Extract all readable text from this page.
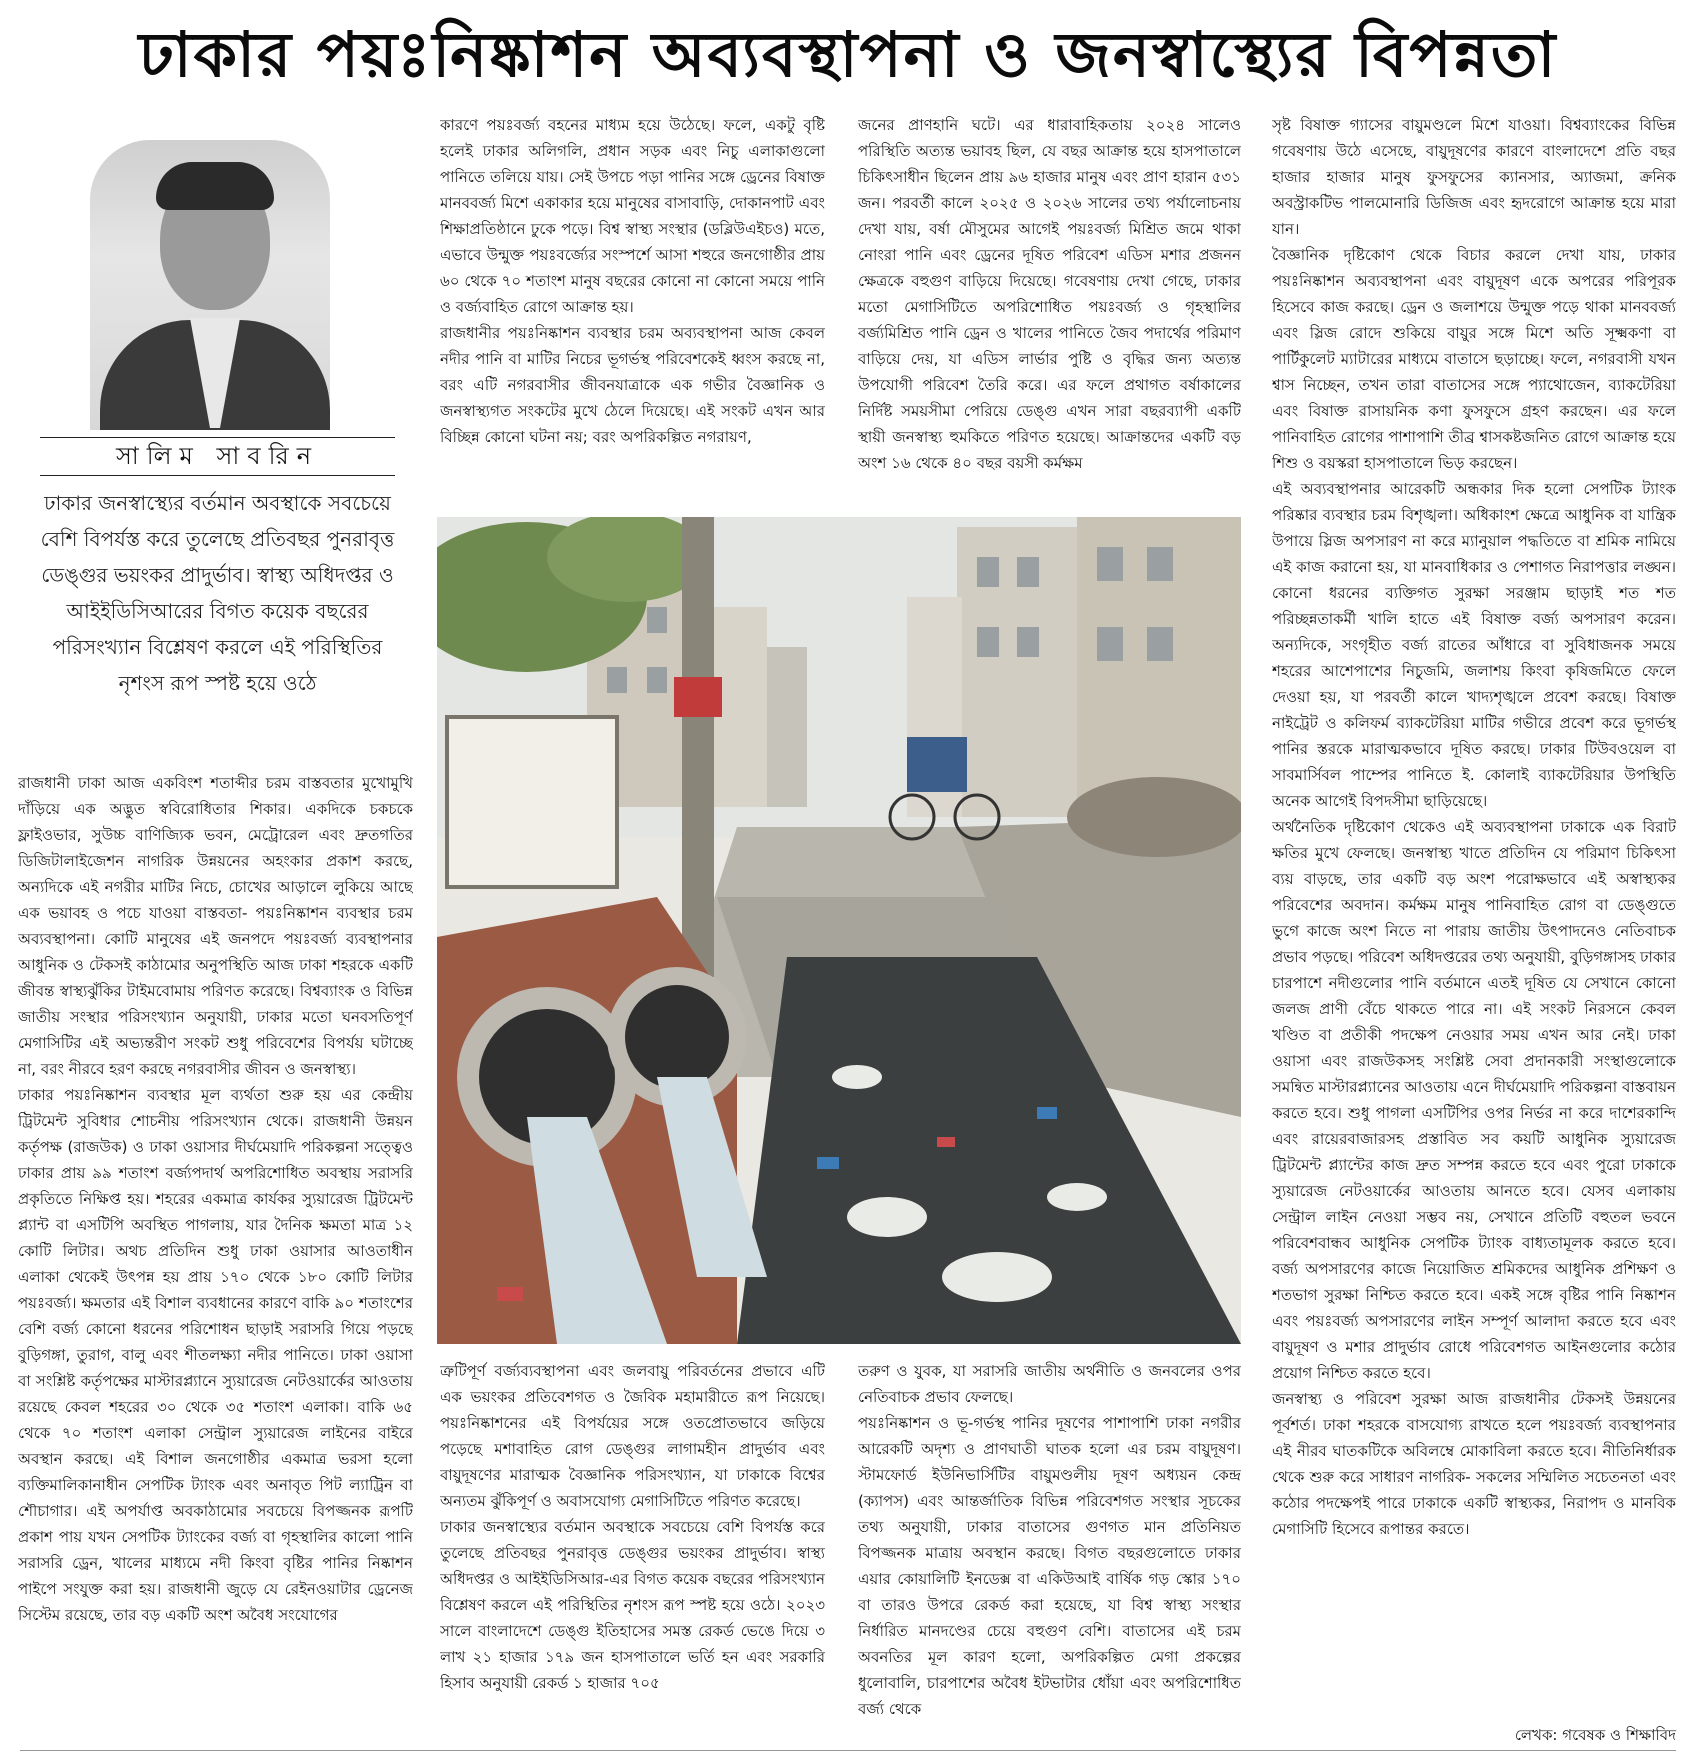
ঢাকার পয়ঃনিষ্কাশন অব্যবস্থাপনা ও জনস্বাস্থ্যের বিপন্নতা
সালিম সাবরিন
ঢাকার জনস্বাস্থ্যের বর্তমান অবস্থাকে সবচেয়ে বেশি বিপর্যস্ত করে তুলেছে প্রতিবছর পুনরাবৃত্ত ডেঙ্গুর ভয়ংকর প্রাদুর্ভাব। স্বাস্থ্য অধিদপ্তর ও আইইডিসিআরের বিগত কয়েক বছরের পরিসংখ্যান বিশ্লেষণ করলে এই পরিস্থিতির নৃশংস রূপ স্পষ্ট হয়ে ওঠে

রাজধানী ঢাকা আজ একবিংশ শতাব্দীর চরম বাস্তবতার মুখোমুখি দাঁড়িয়ে এক অদ্ভুত স্ববিরোধিতার শিকার। একদিকে চকচকে ফ্লাইওভার, সুউচ্চ বাণিজ্যিক ভবন, মেট্রোরেল এবং দ্রুতগতির ডিজিটালাইজেশন নাগরিক উন্নয়নের অহংকার প্রকাশ করছে, অন্যদিকে এই নগরীর মাটির নিচে, চোখের আড়ালে লুকিয়ে আছে এক ভয়াবহ ও পচে যাওয়া বাস্তবতা- পয়ঃনিষ্কাশন ব্যবস্থার চরম অব্যবস্থাপনা। কোটি মানুষের এই জনপদে পয়ঃবর্জ্য ব্যবস্থাপনার আধুনিক ও টেকসই কাঠামোর অনুপস্থিতি আজ ঢাকা শহরকে একটি জীবন্ত স্বাস্থ্যঝুঁকির টাইমবোমায় পরিণত করেছে। বিশ্বব্যাংক ও বিভিন্ন জাতীয় সংস্থার পরিসংখ্যান অনুযায়ী, ঢাকার মতো ঘনবসতিপূর্ণ মেগাসিটির এই অভ্যন্তরীণ সংকট শুধু পরিবেশের বিপর্যয় ঘটাচ্ছে না, বরং নীরবে হরণ করছে নগরবাসীর জীবন ও জনস্বাস্থ্য।

ঢাকার পয়ঃনিষ্কাশন ব্যবস্থার মূল ব্যর্থতা শুরু হয় এর কেন্দ্রীয় ট্রিটমেন্ট সুবিধার শোচনীয় পরিসংখ্যান থেকে। রাজধানী উন্নয়ন কর্তৃপক্ষ (রাজউক) ও ঢাকা ওয়াসার দীর্ঘমেয়াদি পরিকল্পনা সত্ত্বেও ঢাকার প্রায় ৯৯ শতাংশ বর্জ্যপদার্থ অপরিশোধিত অবস্থায় সরাসরি প্রকৃতিতে নিক্ষিপ্ত হয়। শহরের একমাত্র কার্যকর স্যুয়ারেজ ট্রিটমেন্ট প্ল্যান্ট বা এসটিপি অবস্থিত পাগলায়, যার দৈনিক ক্ষমতা মাত্র ১২ কোটি লিটার। অথচ প্রতিদিন শুধু ঢাকা ওয়াসার আওতাধীন এলাকা থেকেই উৎপন্ন হয় প্রায় ১৭০ থেকে ১৮০ কোটি লিটার পয়ঃবর্জ্য। ক্ষমতার এই বিশাল ব্যবধানের কারণে বাকি ৯০ শতাংশের বেশি বর্জ্য কোনো ধরনের পরিশোধন ছাড়াই সরাসরি গিয়ে পড়ছে বুড়িগঙ্গা, তুরাগ, বালু এবং শীতলক্ষ্যা নদীর পানিতে। ঢাকা ওয়াসা বা সংশ্লিষ্ট কর্তৃপক্ষের মাস্টারপ্ল্যানে স্যুয়ারেজ নেটওয়ার্কের আওতায় রয়েছে কেবল শহরের ৩০ থেকে ৩৫ শতাংশ এলাকা। বাকি ৬৫ থেকে ৭০ শতাংশ এলাকা সেন্ট্রাল স্যুয়ারেজ লাইনের বাইরে অবস্থান করছে। এই বিশাল জনগোষ্ঠীর একমাত্র ভরসা হলো ব্যক্তিমালিকানাধীন সেপটিক ট্যাংক এবং অনাবৃত পিট ল্যাট্রিন বা শৌচাগার। এই অপর্যাপ্ত অবকাঠামোর সবচেয়ে বিপজ্জনক রূপটি প্রকাশ পায় যখন সেপটিক ট্যাংকের বর্জ্য বা গৃহস্থালির কালো পানি সরাসরি ড্রেন, খালের মাধ্যমে নদী কিংবা বৃষ্টির পানির নিষ্কাশন পাইপে সংযুক্ত করা হয়। রাজধানী জুড়ে যে রেইনওয়াটার ড্রেনেজ সিস্টেম রয়েছে, তার বড় একটি অংশ অবৈধ সংযোগের

কারণে পয়ঃবর্জ্য বহনের মাধ্যম হয়ে উঠেছে। ফলে, একটু বৃষ্টি হলেই ঢাকার অলিগলি, প্রধান সড়ক এবং নিচু এলাকাগুলো পানিতে তলিয়ে যায়। সেই উপচে পড়া পানির সঙ্গে ড্রেনের বিষাক্ত মানববর্জ্য মিশে একাকার হয়ে মানুষের বাসাবাড়ি, দোকানপাট এবং শিক্ষাপ্রতিষ্ঠানে ঢুকে পড়ে। বিশ্ব স্বাস্থ্য সংস্থার (ডব্লিউএইচও) মতে, এভাবে উন্মুক্ত পয়ঃবর্জ্যের সংস্পর্শে আসা শহুরে জনগোষ্ঠীর প্রায় ৬০ থেকে ৭০ শতাংশ মানুষ বছরের কোনো না কোনো সময়ে পানি ও বর্জ্যবাহিত রোগে আক্রান্ত হয়।

রাজধানীর পয়ঃনিষ্কাশন ব্যবস্থার চরম অব্যবস্থাপনা আজ কেবল নদীর পানি বা মাটির নিচের ভূগর্ভস্থ পরিবেশকেই ধ্বংস করছে না, বরং এটি নগরবাসীর জীবনযাত্রাকে এক গভীর বৈজ্ঞানিক ও জনস্বাস্থ্যগত সংকটের মুখে ঠেলে দিয়েছে। এই সংকট এখন আর বিচ্ছিন্ন কোনো ঘটনা নয়; বরং অপরিকল্পিত নগরায়ণ,

জনের প্রাণহানি ঘটে। এর ধারাবাহিকতায় ২০২৪ সালেও পরিস্থিতি অত্যন্ত ভয়াবহ ছিল, যে বছর আক্রান্ত হয়ে হাসপাতালে চিকিৎসাধীন ছিলেন প্রায় ৯৬ হাজার মানুষ এবং প্রাণ হারান ৫৩১ জন। পরবর্তী কালে ২০২৫ ও ২০২৬ সালের তথ্য পর্যালোচনায় দেখা যায়, বর্ষা মৌসুমের আগেই পয়ঃবর্জ্য মিশ্রিত জমে থাকা নোংরা পানি এবং ড্রেনের দূষিত পরিবেশ এডিস মশার প্রজনন ক্ষেত্রকে বহুগুণ বাড়িয়ে দিয়েছে। গবেষণায় দেখা গেছে, ঢাকার মতো মেগাসিটিতে অপরিশোধিত পয়ঃবর্জ্য ও গৃহস্থালির বর্জ্যমিশ্রিত পানি ড্রেন ও খালের পানিতে জৈব পদার্থের পরিমাণ বাড়িয়ে দেয়, যা এডিস লার্ভার পুষ্টি ও বৃদ্ধির জন্য অত্যন্ত উপযোগী পরিবেশ তৈরি করে। এর ফলে প্রথাগত বর্ষাকালের নির্দিষ্ট সময়সীমা পেরিয়ে ডেঙ্গু এখন সারা বছরব্যাপী একটি স্থায়ী জনস্বাস্থ্য হুমকিতে পরিণত হয়েছে। আক্রান্তদের একটি বড় অংশ ১৬ থেকে ৪০ বছর বয়সী কর্মক্ষম

ত্রুটিপূর্ণ বর্জ্যব্যবস্থাপনা এবং জলবায়ু পরিবর্তনের প্রভাবে এটি এক ভয়ংকর প্রতিবেশগত ও জৈবিক মহামারীতে রূপ নিয়েছে। পয়ঃনিষ্কাশনের এই বিপর্যয়ের সঙ্গে ওতপ্রোতভাবে জড়িয়ে পড়েছে মশাবাহিত রোগ ডেঙ্গুর লাগামহীন প্রাদুর্ভাব এবং বায়ুদূষণের মারাত্মক বৈজ্ঞানিক পরিসংখ্যান, যা ঢাকাকে বিশ্বের অন্যতম ঝুঁকিপূর্ণ ও অবাসযোগ্য মেগাসিটিতে পরিণত করেছে।

ঢাকার জনস্বাস্থ্যের বর্তমান অবস্থাকে সবচেয়ে বেশি বিপর্যস্ত করে তুলেছে প্রতিবছর পুনরাবৃত্ত ডেঙ্গুর ভয়ংকর প্রাদুর্ভাব। স্বাস্থ্য অধিদপ্তর ও আইইডিসিআর-এর বিগত কয়েক বছরের পরিসংখ্যান বিশ্লেষণ করলে এই পরিস্থিতির নৃশংস রূপ স্পষ্ট হয়ে ওঠে। ২০২৩ সালে বাংলাদেশে ডেঙ্গু ইতিহাসের সমস্ত রেকর্ড ভেঙে দিয়ে ৩ লাখ ২১ হাজার ১৭৯ জন হাসপাতালে ভর্তি হন এবং সরকারি হিসাব অনুযায়ী রেকর্ড ১ হাজার ৭০৫

তরুণ ও যুবক, যা সরাসরি জাতীয় অর্থনীতি ও জনবলের ওপর নেতিবাচক প্রভাব ফেলছে।

পয়ঃনিষ্কাশন ও ভূ-গর্ভস্থ পানির দূষণের পাশাপাশি ঢাকা নগরীর আরেকটি অদৃশ্য ও প্রাণঘাতী ঘাতক হলো এর চরম বায়ুদূষণ। স্টামফোর্ড ইউনিভার্সিটির বায়ুমণ্ডলীয় দূষণ অধ্যয়ন কেন্দ্র (ক্যাপস) এবং আন্তর্জাতিক বিভিন্ন পরিবেশগত সংস্থার সূচকের তথ্য অনুযায়ী, ঢাকার বাতাসের গুণগত মান প্রতিনিয়ত বিপজ্জনক মাত্রায় অবস্থান করছে। বিগত বছরগুলোতে ঢাকার এয়ার কোয়ালিটি ইনডেক্স বা একিউআই বার্ষিক গড় স্কোর ১৭০ বা তারও উপরে রেকর্ড করা হয়েছে, যা বিশ্ব স্বাস্থ্য সংস্থার নির্ধারিত মানদণ্ডের চেয়ে বহুগুণ বেশি। বাতাসের এই চরম অবনতির মূল কারণ হলো, অপরিকল্পিত মেগা প্রকল্পের ধুলোবালি, চারপাশের অবৈধ ইটভাটার ধোঁয়া এবং অপরিশোধিত বর্জ্য থেকে

সৃষ্ট বিষাক্ত গ্যাসের বায়ুমণ্ডলে মিশে যাওয়া। বিশ্বব্যাংকের বিভিন্ন গবেষণায় উঠে এসেছে, বায়ুদূষণের কারণে বাংলাদেশে প্রতি বছর হাজার হাজার মানুষ ফুসফুসের ক্যানসার, অ্যাজমা, ক্রনিক অবস্ট্রাকটিভ পালমোনারি ডিজিজ এবং হৃদরোগে আক্রান্ত হয়ে মারা যান।

বৈজ্ঞানিক দৃষ্টিকোণ থেকে বিচার করলে দেখা যায়, ঢাকার পয়ঃনিষ্কাশন অব্যবস্থাপনা এবং বায়ুদূষণ একে অপরের পরিপূরক হিসেবে কাজ করছে। ড্রেন ও জলাশয়ে উন্মুক্ত পড়ে থাকা মানববর্জ্য এবং স্লিজ রোদে শুকিয়ে বায়ুর সঙ্গে মিশে অতি সূক্ষ্মকণা বা পার্টিকুলেট ম্যাটারের মাধ্যমে বাতাসে ছড়াচ্ছে। ফলে, নগরবাসী যখন শ্বাস নিচ্ছেন, তখন তারা বাতাসের সঙ্গে প্যাথোজেন, ব্যাকটেরিয়া এবং বিষাক্ত রাসায়নিক কণা ফুসফুসে গ্রহণ করছেন। এর ফলে পানিবাহিত রোগের পাশাপাশি তীব্র শ্বাসকষ্টজনিত রোগে আক্রান্ত হয়ে শিশু ও বয়স্করা হাসপাতালে ভিড় করছেন।

এই অব্যবস্থাপনার আরেকটি অন্ধকার দিক হলো সেপটিক ট্যাংক পরিষ্কার ব্যবস্থার চরম বিশৃঙ্খলা। অধিকাংশ ক্ষেত্রে আধুনিক বা যান্ত্রিক উপায়ে স্লিজ অপসারণ না করে ম্যানুয়াল পদ্ধতিতে বা শ্রমিক নামিয়ে এই কাজ করানো হয়, যা মানবাধিকার ও পেশাগত নিরাপত্তার লঙ্ঘন। কোনো ধরনের ব্যক্তিগত সুরক্ষা সরঞ্জাম ছাড়াই শত শত পরিচ্ছন্নতাকর্মী খালি হাতে এই বিষাক্ত বর্জ্য অপসারণ করেন। অন্যদিকে, সংগৃহীত বর্জ্য রাতের আঁধারে বা সুবিধাজনক সময়ে শহরের আশেপাশের নিচুজমি, জলাশয় কিংবা কৃষিজমিতে ফেলে দেওয়া হয়, যা পরবর্তী কালে খাদ্যশৃঙ্খলে প্রবেশ করছে। বিষাক্ত নাইট্রেট ও কলিফর্ম ব্যাকটেরিয়া মাটির গভীরে প্রবেশ করে ভূগর্ভস্থ পানির স্তরকে মারাত্মকভাবে দূষিত করছে। ঢাকার টিউবওয়েল বা সাবমার্সিবল পাম্পের পানিতে ই. কোলাই ব্যাকটেরিয়ার উপস্থিতি অনেক আগেই বিপদসীমা ছাড়িয়েছে।

অর্থনৈতিক দৃষ্টিকোণ থেকেও এই অব্যবস্থাপনা ঢাকাকে এক বিরাট ক্ষতির মুখে ফেলছে। জনস্বাস্থ্য খাতে প্রতিদিন যে পরিমাণ চিকিৎসা ব্যয় বাড়ছে, তার একটি বড় অংশ পরোক্ষভাবে এই অস্বাস্থ্যকর পরিবেশের অবদান। কর্মক্ষম মানুষ পানিবাহিত রোগ বা ডেঙ্গুতে ভুগে কাজে অংশ নিতে না পারায় জাতীয় উৎপাদনেও নেতিবাচক প্রভাব পড়ছে। পরিবেশ অধিদপ্তরের তথ্য অনুযায়ী, বুড়িগঙ্গাসহ ঢাকার চারপাশে নদীগুলোর পানি বর্তমানে এতই দূষিত যে সেখানে কোনো জলজ প্রাণী বেঁচে থাকতে পারে না। এই সংকট নিরসনে কেবল খণ্ডিত বা প্রতীকী পদক্ষেপ নেওয়ার সময় এখন আর নেই। ঢাকা ওয়াসা এবং রাজউকসহ সংশ্লিষ্ট সেবা প্রদানকারী সংস্থাগুলোকে সমন্বিত মাস্টারপ্ল্যানের আওতায় এনে দীর্ঘমেয়াদি পরিকল্পনা বাস্তবায়ন করতে হবে। শুধু পাগলা এসটিপির ওপর নির্ভর না করে দাশেরকান্দি এবং রায়েরবাজারসহ প্রস্তাবিত সব কয়টি আধুনিক স্যুয়ারেজ ট্রিটমেন্ট প্ল্যান্টের কাজ দ্রুত সম্পন্ন করতে হবে এবং পুরো ঢাকাকে স্যুয়ারেজ নেটওয়ার্কের আওতায় আনতে হবে। যেসব এলাকায় সেন্ট্রাল লাইন নেওয়া সম্ভব নয়, সেখানে প্রতিটি বহুতল ভবনে পরিবেশবান্ধব আধুনিক সেপটিক ট্যাংক বাধ্যতামূলক করতে হবে। বর্জ্য অপসারণের কাজে নিয়োজিত শ্রমিকদের আধুনিক প্রশিক্ষণ ও শতভাগ সুরক্ষা নিশ্চিত করতে হবে। একই সঙ্গে বৃষ্টির পানি নিষ্কাশন এবং পয়ঃবর্জ্য অপসারণের লাইন সম্পূর্ণ আলাদা করতে হবে এবং বায়ুদূষণ ও মশার প্রাদুর্ভাব রোধে পরিবেশগত আইনগুলোর কঠোর প্রয়োগ নিশ্চিত করতে হবে।

জনস্বাস্থ্য ও পরিবেশ সুরক্ষা আজ রাজধানীর টেকসই উন্নয়নের পূর্বশর্ত। ঢাকা শহরকে বাসযোগ্য রাখতে হলে পয়ঃবর্জ্য ব্যবস্থাপনার এই নীরব ঘাতকটিকে অবিলম্বে মোকাবিলা করতে হবে। নীতিনির্ধারক থেকে শুরু করে সাধারণ নাগরিক- সকলের সম্মিলিত সচেতনতা এবং কঠোর পদক্ষেপই পারে ঢাকাকে একটি স্বাস্থ্যকর, নিরাপদ ও মানবিক মেগাসিটি হিসেবে রূপান্তর করতে।

লেখক: গবেষক ও শিক্ষাবিদ
